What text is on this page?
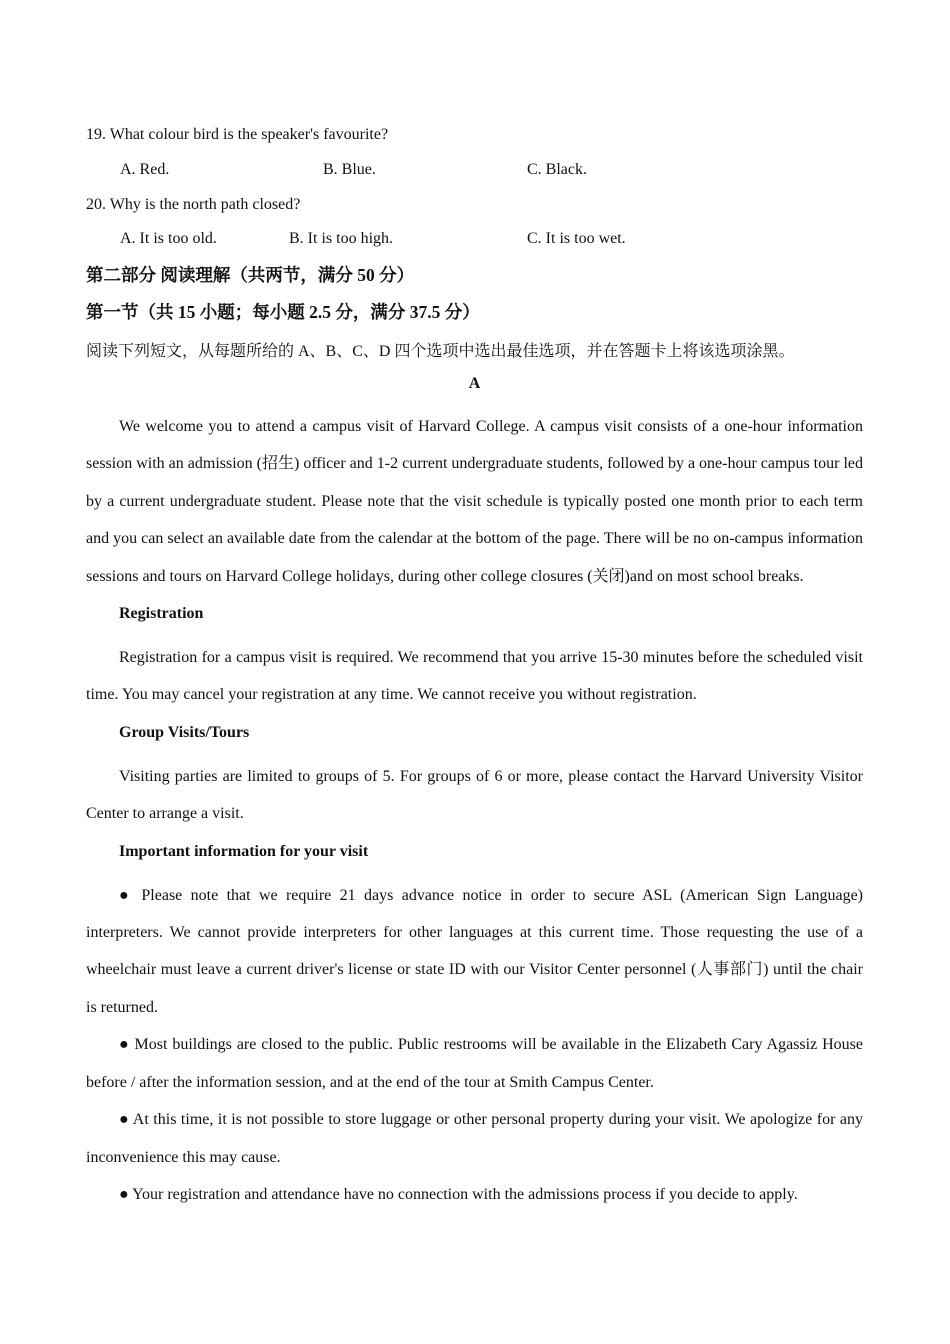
19. What colour bird is the speaker's favourite?
A. Red.	B. Blue.	C. Black.
20. Why is the north path closed?
A. It is too old.	B. It is too high.	C. It is too wet.
第二部分 阅读理解（共两节，满分 50 分）
第一节（共 15 小题；每小题 2.5 分，满分 37.5 分）
阅读下列短文，从每题所给的 A、B、C、D 四个选项中选出最佳选项，并在答题卡上将该选项涂黑。
A

We welcome you to attend a campus visit of Harvard College. A campus visit consists of a one-hour information session with an admission (招生) officer and 1-2 current undergraduate students, followed by a one-hour campus tour led by a current undergraduate student. Please note that the visit schedule is typically posted one month prior to each term and you can select an available date from the calendar at the bottom of the page. There will be no on-campus information sessions and tours on Harvard College holidays, during other college closures (关闭)and on most school breaks.

Registration

Registration for a campus visit is required. We recommend that you arrive 15-30 minutes before the scheduled visit time. You may cancel your registration at any time. We cannot receive you without registration.

Group Visits/Tours

Visiting parties are limited to groups of 5. For groups of 6 or more, please contact the Harvard University Visitor Center to arrange a visit.

Important information for your visit

● Please note that we require 21 days advance notice in order to secure ASL (American Sign Language) interpreters. We cannot provide interpreters for other languages at this current time. Those requesting the use of a wheelchair must leave a current driver's license or state ID with our Visitor Center personnel (人事部门) until the chair is returned.

● Most buildings are closed to the public. Public restrooms will be available in the Elizabeth Cary Agassiz House before / after the information session, and at the end of the tour at Smith Campus Center.

● At this time, it is not possible to store luggage or other personal property during your visit. We apologize for any inconvenience this may cause.

● Your registration and attendance have no connection with the admissions process if you decide to apply.
